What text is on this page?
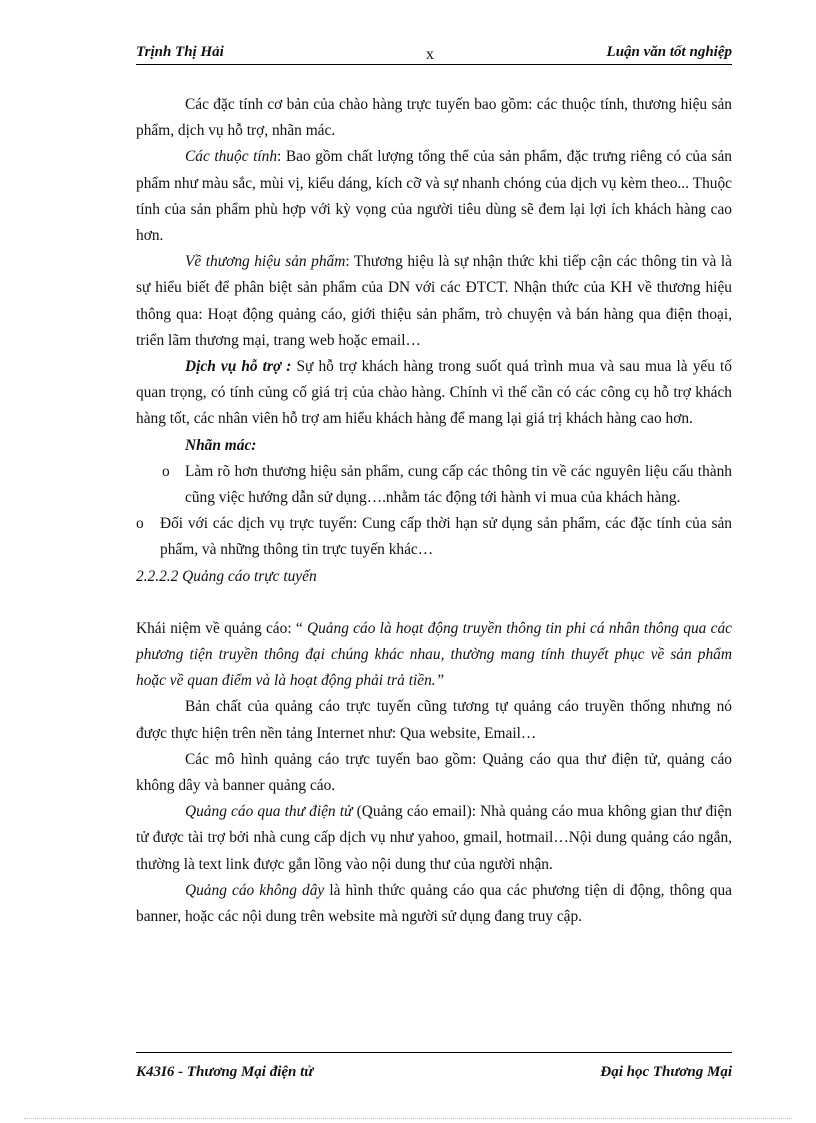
Trịnh Thị Hải	x	Luận văn tốt nghiệp

Các đặc tính cơ bản của chào hàng trực tuyến bao gồm: các thuộc tính, thương hiệu sản phẩm, dịch vụ hỗ trợ, nhãn mác.

Các thuộc tính: Bao gồm chất lượng tổng thể của sản phẩm, đặc trưng riêng có của sản phẩm như màu sắc, mùi vị, kiểu dáng, kích cỡ và sự nhanh chóng của dịch vụ kèm theo... Thuộc tính của sản phẩm phù hợp với kỳ vọng của người tiêu dùng sẽ đem lại lợi ích khách hàng cao hơn.

Về thương hiệu sản phẩm: Thương hiệu là sự nhận thức khi tiếp cận các thông tin và là sự hiểu biết để phân biệt sản phẩm của DN với các ĐTCT. Nhận thức của KH về thương hiệu thông qua: Hoạt động quảng cáo, giới thiệu sản phẩm, trò chuyện và bán hàng qua điện thoại, triển lãm thương mại, trang web hoặc email…

Dịch vụ hỗ trợ : Sự hỗ trợ khách hàng trong suốt quá trình mua và sau mua là yếu tố quan trọng, có tính củng cố giá trị của chào hàng. Chính vì thế cần có các công cụ hỗ trợ khách hàng tốt, các nhân viên hỗ trợ am hiểu khách hàng để mang lại giá trị khách hàng cao hơn.

Nhãn mác:

o Làm rõ hơn thương hiệu sản phẩm, cung cấp các thông tin về các nguyên liệu cấu thành cũng việc hướng dẫn sử dụng….nhằm tác động tới hành vi mua của khách hàng.

o Đối với các dịch vụ trực tuyến: Cung cấp thời hạn sử dụng sản phẩm, các đặc tính của sản phẩm, và những thông tin trực tuyến khác…

2.2.2.2 Quảng cáo trực tuyến

Khái niệm về quảng cáo: “ Quảng cáo là hoạt động truyền thông tin phi cá nhân thông qua các phương tiện truyền thông đại chúng khác nhau, thường mang tính thuyết phục về sản phẩm hoặc về quan điểm và là hoạt động phải trả tiền.”

Bản chất của quảng cáo trực tuyến cũng tương tự quảng cáo truyền thống nhưng nó được thực hiện trên nền tảng Internet như: Qua website, Email…

Các mô hình quảng cáo trực tuyến bao gồm: Quảng cáo qua thư điện tử, quảng cáo không dây và banner quảng cáo.

Quảng cáo qua thư điện tử (Quảng cáo email): Nhà quảng cáo mua không gian thư điện tử được tài trợ bởi nhà cung cấp dịch vụ như yahoo, gmail, hotmail…Nội dung quảng cáo ngắn, thường là text link được gắn lồng vào nội dung thư của người nhận.

Quảng cáo không dây là hình thức quảng cáo qua các phương tiện di động, thông qua banner, hoặc các nội dung trên website mà người sử dụng đang truy cập.

K43I6 - Thương Mại điện tử	Đại học Thương Mại
